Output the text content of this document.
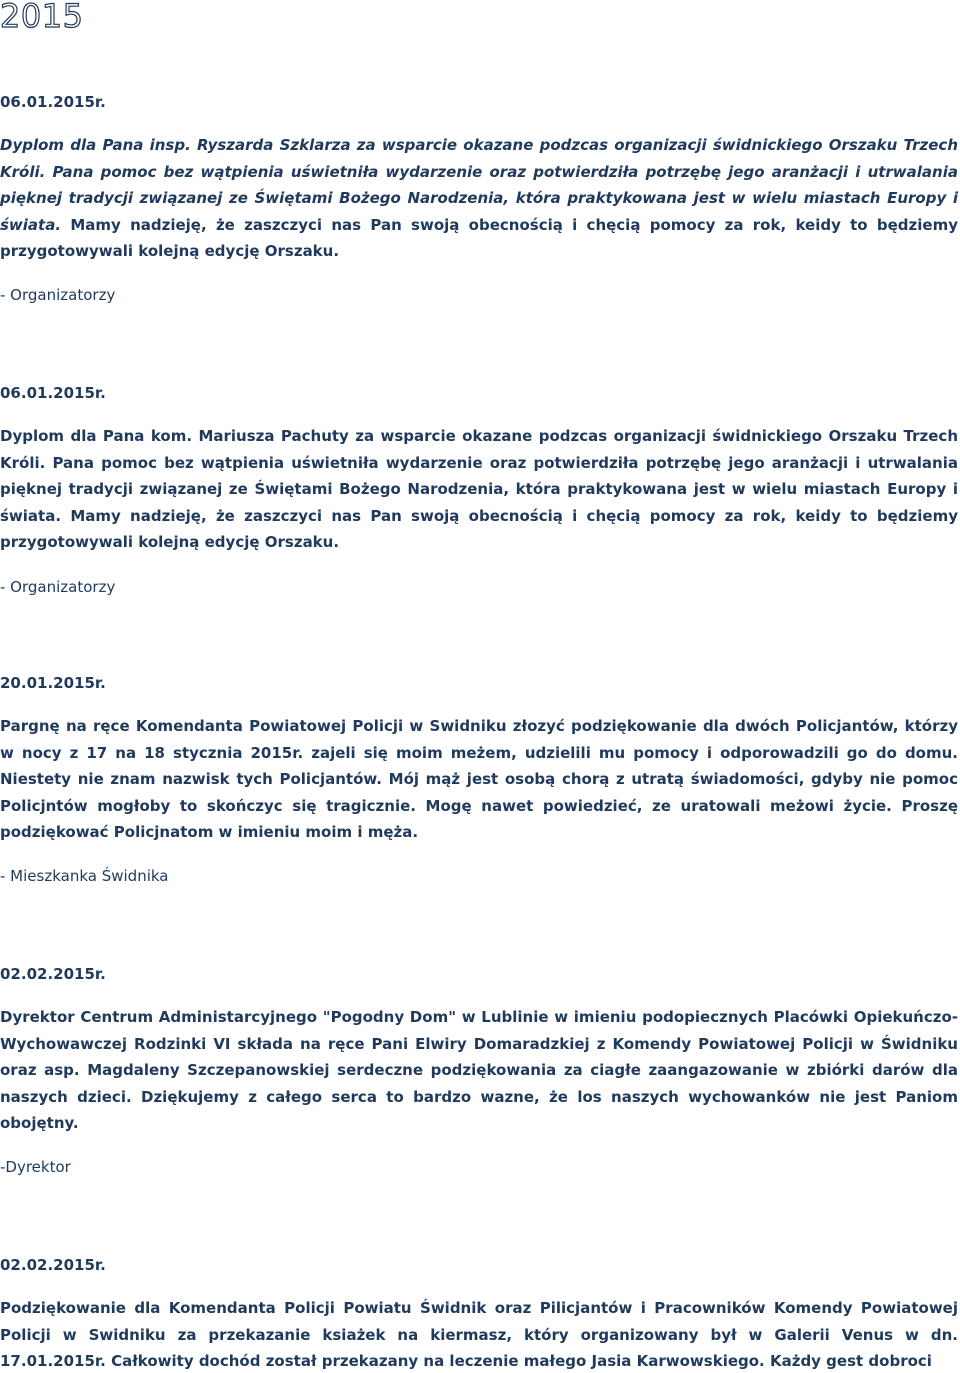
2015

06.01.2015r.

Dyplom dla Pana insp. Ryszarda Szklarza za wsparcie okazane podzcas organizacji świdnickiego Orszaku Trzech Króli. Pana pomoc bez wątpienia uświetniła wydarzenie oraz potwierdziła potrzębę jego aranżacji i utrwalania pięknej tradycji związanej ze Świętami Bożego Narodzenia, która praktykowana jest w wielu miastach Europy i świata. Mamy nadzieję, że zaszczyci nas Pan swoją obecnością i chęcią pomocy za rok, keidy to będziemy przygotowywali kolejną edycję Orszaku.

- Organizatorzy

06.01.2015r.

Dyplom dla Pana kom. Mariusza Pachuty za wsparcie okazane podzcas organizacji świdnickiego Orszaku Trzech Króli. Pana pomoc bez wątpienia uświetniła wydarzenie oraz potwierdziła potrzębę jego aranżacji i utrwalania pięknej tradycji związanej ze Świętami Bożego Narodzenia, która praktykowana jest w wielu miastach Europy i świata. Mamy nadzieję, że zaszczyci nas Pan swoją obecnością i chęcią pomocy za rok, keidy to będziemy przygotowywali kolejną edycję Orszaku.

- Organizatorzy

20.01.2015r.

Pargnę na ręce Komendanta Powiatowej Policji w Swidniku złozyć podziękowanie dla dwóch Policjantów, którzy w nocy z 17 na 18 stycznia 2015r. zajeli się moim meżem, udzielili mu pomocy i odporowadzili go do domu. Niestety nie znam nazwisk tych Policjantów. Mój mąż jest osobą chorą z utratą świadomości, gdyby nie pomoc Policjntów mogłoby to skończyc się tragicznie. Mogę nawet powiedzieć, ze uratowali meżowi życie. Proszę podziękować Policjnatom w imieniu moim i męża.

- Mieszkanka Świdnika

02.02.2015r.

Dyrektor Centrum Administarcyjnego "Pogodny Dom" w Lublinie w imieniu podopiecznych Placówki Opiekuńczo-Wychowawczej Rodzinki VI składa na ręce Pani Elwiry Domaradzkiej z Komendy Powiatowej Policji w Świdniku oraz asp. Magdaleny Szczepanowskiej serdeczne podziękowania za ciagłe zaangazowanie w zbiórki darów dla naszych dzieci. Dziękujemy z całego serca to bardzo wazne, że los naszych wychowanków nie jest Paniom obojętny.

-Dyrektor

02.02.2015r.

Podziękowanie dla Komendanta Policji Powiatu Świdnik oraz Pilicjantów i Pracowników Komendy Powiatowej Policji w Swidniku za przekazanie ksiażek na kiermasz, który organizowany był w Galerii Venus w dn. 17.01.2015r. Całkowity dochód został przekazany na leczenie małego Jasia Karwowskiego. Każdy gest dobroci
